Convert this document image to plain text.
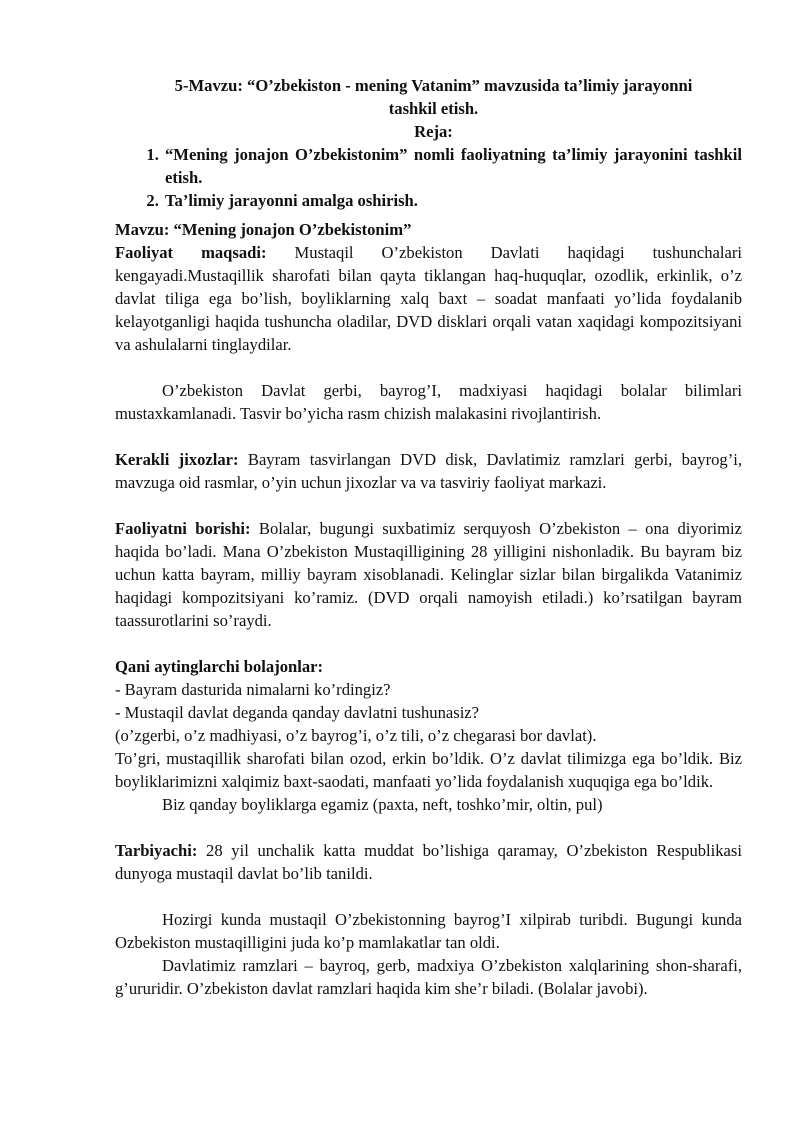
5-Mavzu: “O’zbekiston - mening Vatanim” mavzusida ta’limiy jarayonni
tashkil etish.
Reja:
1. “Mening jonajon O’zbekistonim” nomli faoliyatning ta’limiy jarayonini tashkil etish.
2. Ta’limiy jarayonni amalga oshirish.

Mavzu: “Mening jonajon O’zbekistonim”

Faoliyat maqsadi: Mustaqil O’zbekiston Davlati haqidagi tushunchalari kengayadi.Mustaqillik sharofati bilan qayta tiklangan haq-huquqlar, ozodlik, erkinlik, o’z davlat tiligа ega bo’lish, boyliklarning xalq baxt – soadat manfaati yo’lida foydalanib kelayotganligi haqida tushuncha oladilar, DVD disklari orqali vatan xaqidagi kompozitsiyani va ashulalarni tinglaydilar.

O’zbekiston Davlat gerbi, bayrog’I, madxiyasi haqidagi bolalar bilimlari mustaxkamlanadi. Tasvir bo’yicha rasm chizish malakasini rivojlantirish.

Kerakli jixozlar: Bayram tasvirlangan DVD disk, Davlatimiz ramzlari gerbi, bayrog’i, mavzuga oid rasmlar, o’yin uchun jixozlar va va tasviriy faoliyat markazi.

Faoliyatni borishi: Bolalar, bugungi suxbatimiz serquyosh O’zbekiston – ona diyorimiz haqida bo’ladi. Mana O’zbekiston Mustaqilligining 28 yilligini nishonladik. Bu bayram biz uchun katta bayram, milliy bayram xisoblanadi. Kelinglar sizlar bilan birgalikda Vatanimiz haqidagi kompozitsiyani ko’ramiz. (DVD orqali namoyish etiladi.) ko’rsatilgan bayram taassurotlarini so’raydi.

Qani aytinglarchi bolajonlar:

- Bayram dasturida nimalarni ko’rdingiz?

- Mustaqil davlat deganda qanday davlatni tushunasiz?

(o’zgerbi, o’z madhiyasi, o’z bayrog’i, o’z tili, o’z chegarasi bor davlat).

To’gri, mustaqillik sharofati bilan ozod, erkin bo’ldik. O’z davlat tilimizga ega bo’ldik. Biz boyliklarimizni xalqimiz baxt-saodati, manfaati yo’lida foydalanish xuquqiga ega bo’ldik.

Biz qanday boyliklarga egamiz (paxta, neft, toshko’mir, oltin, pul)

Tarbiyachi: 28 yil unchalik katta muddat bo’lishiga qaramay, O’zbekiston Respublikasi dunyoga mustaqil davlat bo’lib tanildi.

Hozirgi kunda mustaqil O’zbekistonning bayrog’I xilpirab turibdi. Bugungi kunda Ozbekiston mustaqilligini juda ko’p mamlakatlar tan oldi.

Davlatimiz ramzlari – bayroq, gerb, madxiya O’zbekiston xalqlarining shon-sharafi, g’ururidir. O’zbekiston davlat ramzlari haqida kim she’r biladi. (Bolalar javobi).
